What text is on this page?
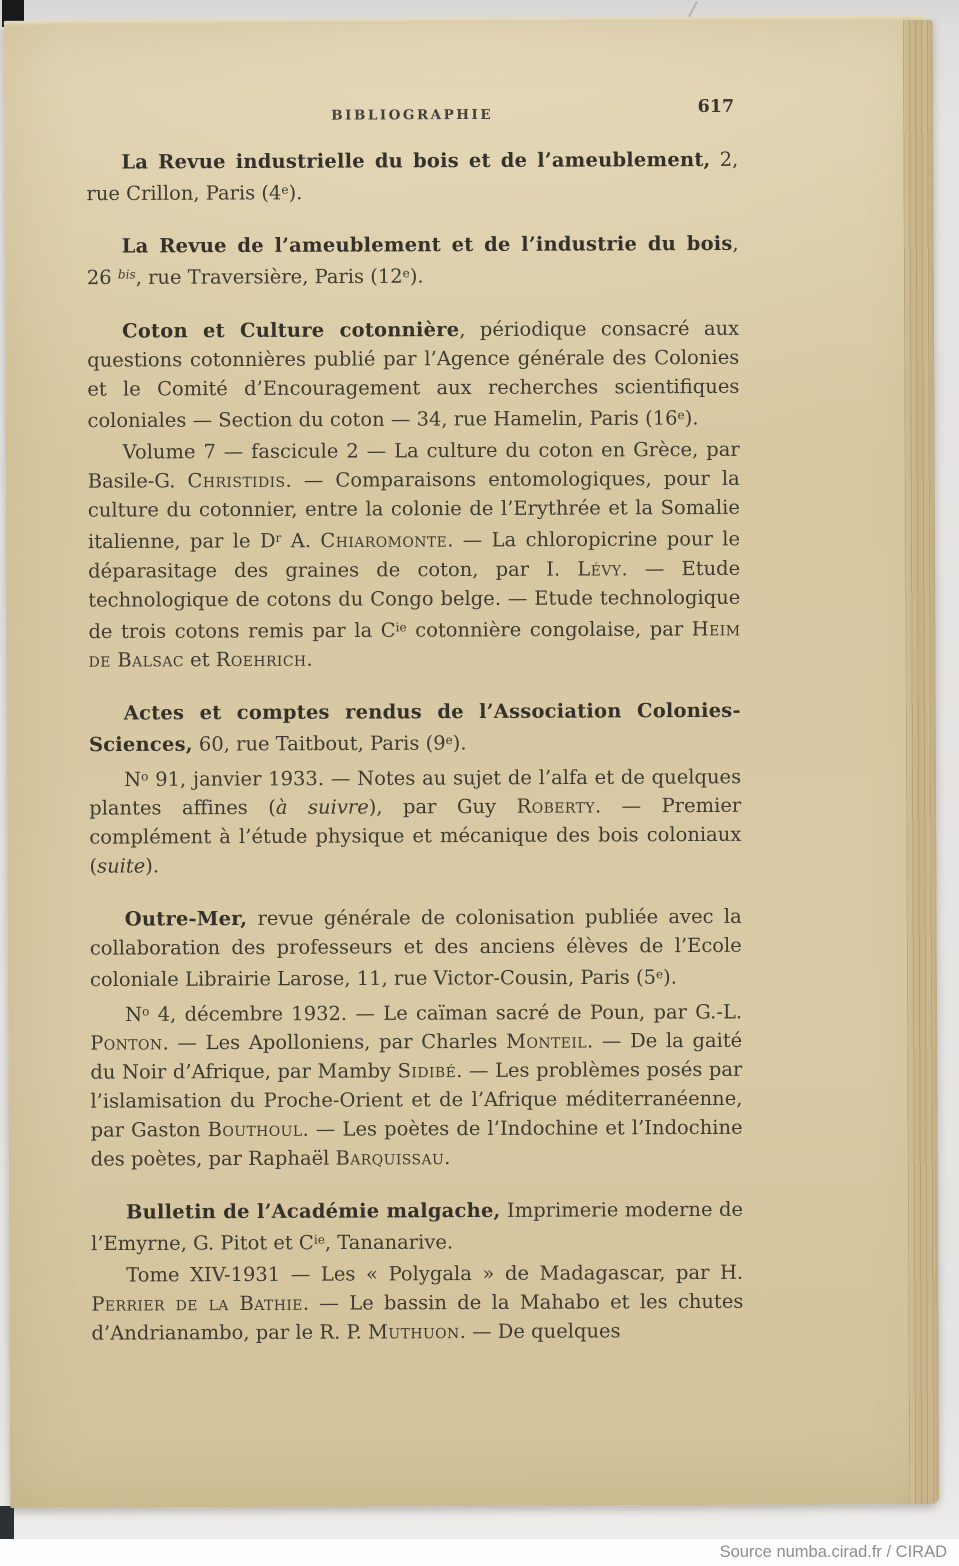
BIBLIOGRAPHIE	617

La Revue industrielle du bois et de l’ameublement, 2, rue Crillon, Paris (4e).

La Revue de l’ameublement et de l’industrie du bois, 26 $^{bis}$, rue Traversière, Paris (12e).

Coton et Culture cotonnière, périodique consacré aux questions cotonnières publié par l’Agence générale des Colonies et le Comité d’Encouragement aux recherches scientifiques coloniales — Section du coton — 34, rue Hamelin, Paris (16e).

Volume 7 — fascicule 2 — La culture du coton en Grèce, par Basile-G. Christidis. — Comparaisons entomologiques, pour la culture du cotonnier, entre la colonie de l’Erythrée et la Somalie italienne, par le $D^r$ A. Chiaromonte. — La chloropicrine pour le déparasitage des graines de coton, par I. Lévy. — Etude technologique de cotons du Congo belge. — Etude technologique de trois cotons remis par la $C^{ie}$ cotonnière congolaise, par Heim de Balsac et Roehrich.

Actes et comptes rendus de l’Association Colonies-Sciences, 60, rue Taitbout, Paris (9e).

$N^o$ 91, janvier 1933. — Notes au sujet de l’alfa et de quelques plantes affines (à suivre), par Guy Roberty. — Premier complément à l’étude physique et mécanique des bois coloniaux (suite).

Outre-Mer, revue générale de colonisation publiée avec la collaboration des professeurs et des anciens élèves de l’Ecole coloniale Librairie Larose, 11, rue Victor-Cousin, Paris (5e).

$N^o$ 4, décembre 1932. — Le caïman sacré de Poun, par G.-L. Ponton. — Les Apolloniens, par Charles Monteil. — De la gaité du Noir d’Afrique, par Mamby Sidibé. — Les problèmes posés par l’islamisation du Proche-Orient et de l’Afrique méditerranéenne, par Gaston Bouthoul. — Les poètes de l’Indochine et l’Indochine des poètes, par Raphaël Barquissau.

Bulletin de l’Académie malgache, Imprimerie moderne de l’Emyrne, G. Pitot et $C^{ie}$, Tananarive.

Tome XIV-1931 — Les « Polygala » de Madagascar, par H. Perrier de la Bathie. — Le bassin de la Mahabo et les chutes d’Andrianambo, par le R. P. Muthuon. — De quelques

Source numba.cirad.fr / CIRAD
